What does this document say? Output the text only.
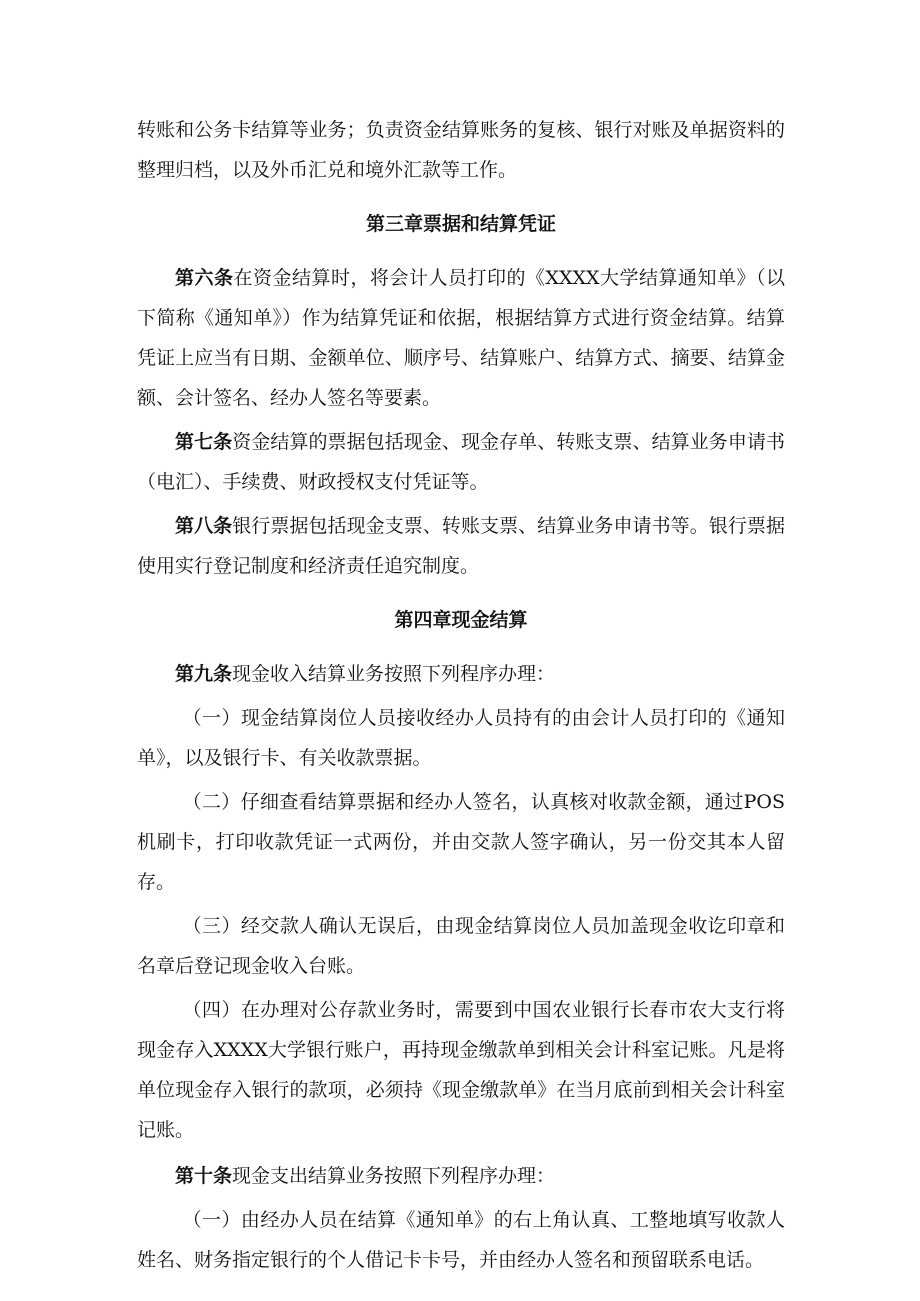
转账和公务卡结算等业务；负责资金结算账务的复核、银行对账及单据资料的整理归档，以及外币汇兑和境外汇款等工作。

第三章票据和结算凭证

第六条在资金结算时，将会计人员打印的《XXXX大学结算通知单》（以下简称《通知单》）作为结算凭证和依据，根据结算方式进行资金结算。结算凭证上应当有日期、金额单位、顺序号、结算账户、结算方式、摘要、结算金额、会计签名、经办人签名等要素。

第七条资金结算的票据包括现金、现金存单、转账支票、结算业务申请书（电汇）、手续费、财政授权支付凭证等。

第八条银行票据包括现金支票、转账支票、结算业务申请书等。银行票据使用实行登记制度和经济责任追究制度。

第四章现金结算

第九条现金收入结算业务按照下列程序办理：

（一）现金结算岗位人员接收经办人员持有的由会计人员打印的《通知单》，以及银行卡、有关收款票据。

（二）仔细查看结算票据和经办人签名，认真核对收款金额，通过POS机刷卡，打印收款凭证一式两份，并由交款人签字确认，另一份交其本人留存。

（三）经交款人确认无误后，由现金结算岗位人员加盖现金收讫印章和名章后登记现金收入台账。

（四）在办理对公存款业务时，需要到中国农业银行长春市农大支行将现金存入XXXX大学银行账户，再持现金缴款单到相关会计科室记账。凡是将单位现金存入银行的款项，必须持《现金缴款单》在当月底前到相关会计科室记账。

第十条现金支出结算业务按照下列程序办理：

（一）由经办人员在结算《通知单》的右上角认真、工整地填写收款人姓名、财务指定银行的个人借记卡卡号，并由经办人签名和预留联系电话。
